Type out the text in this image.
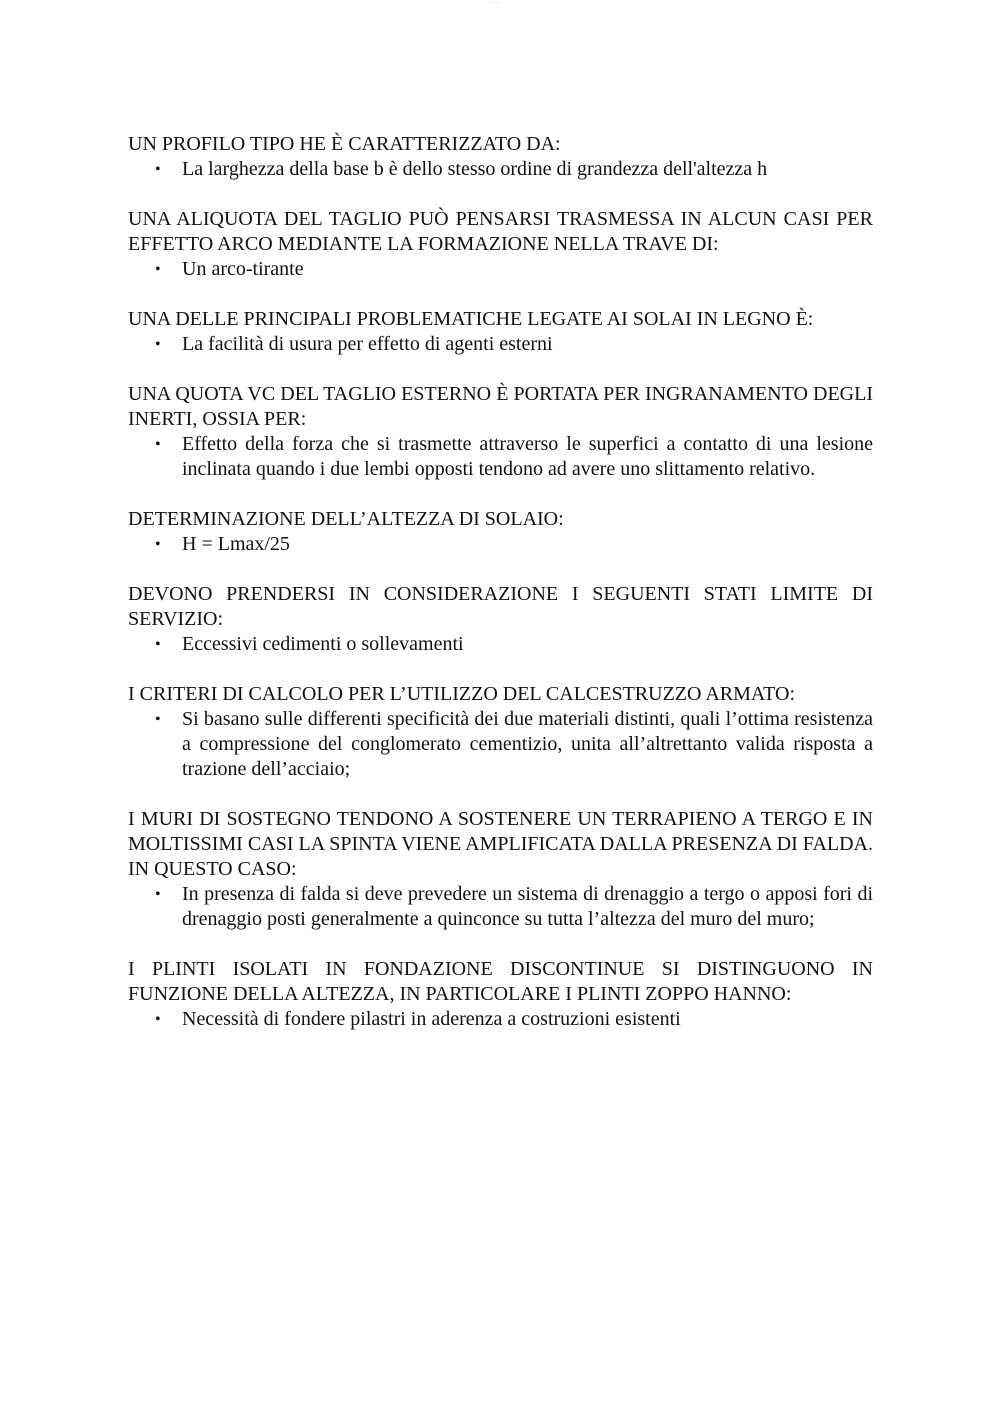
·······

UN PROFILO TIPO HE È CARATTERIZZATO DA:

• La larghezza della base b è dello stesso ordine di grandezza dell'altezza h

UNA ALIQUOTA DEL TAGLIO PUÒ PENSARSI TRASMESSA IN ALCUN CASI PER EFFETTO ARCO MEDIANTE LA FORMAZIONE NELLA TRAVE DI:

• Un arco-tirante

UNA DELLE PRINCIPALI PROBLEMATICHE LEGATE AI SOLAI IN LEGNO È:

• La facilità di usura per effetto di agenti esterni

UNA QUOTA VC DEL TAGLIO ESTERNO È PORTATA PER INGRANAMENTO DEGLI INERTI, OSSIA PER:

• Effetto della forza che si trasmette attraverso le superfici a contatto di una lesione inclinata quando i due lembi opposti tendono ad avere uno slittamento relativo.

DETERMINAZIONE DELL’ALTEZZA DI SOLAIO:

• H = Lmax/25

DEVONO PRENDERSI IN CONSIDERAZIONE I SEGUENTI STATI LIMITE DI SERVIZIO:

• Eccessivi cedimenti o sollevamenti

I CRITERI DI CALCOLO PER L’UTILIZZO DEL CALCESTRUZZO ARMATO:

• Si basano sulle differenti specificità dei due materiali distinti, quali l’ottima resistenza a compressione del conglomerato cementizio, unita all’altrettanto valida risposta a trazione dell’acciaio;

I MURI DI SOSTEGNO TENDONO A SOSTENERE UN TERRAPIENO A TERGO E IN MOLTISSIMI CASI LA SPINTA VIENE AMPLIFICATA DALLA PRESENZA DI FALDA. IN QUESTO CASO:

• In presenza di falda si deve prevedere un sistema di drenaggio a tergo o apposi fori di drenaggio posti generalmente a quinconce su tutta l’altezza del muro del muro;

I PLINTI ISOLATI IN FONDAZIONE DISCONTINUE SI DISTINGUONO IN FUNZIONE DELLA ALTEZZA, IN PARTICOLARE I PLINTI ZOPPO HANNO:

• Necessità di fondere pilastri in aderenza a costruzioni esistenti
